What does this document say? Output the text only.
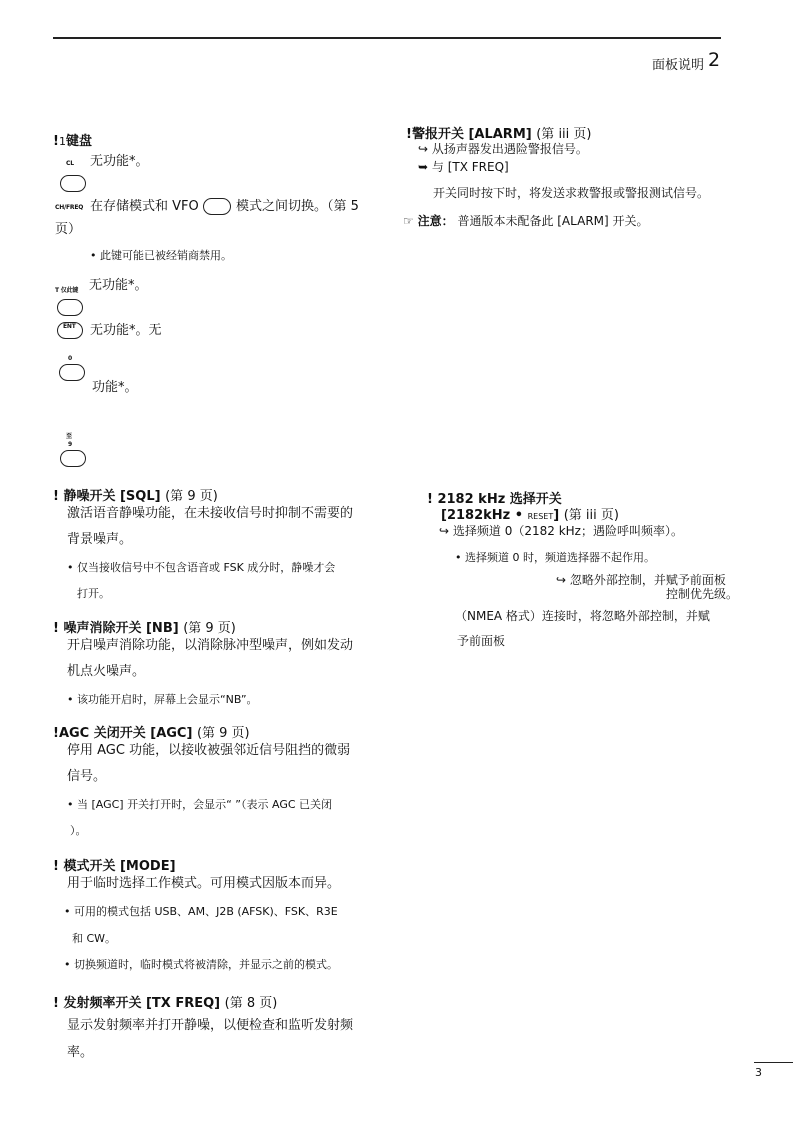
面板说明 2
!1键盘
CL 无功能*。
CH/FREQ 在存储模式和 VFO	模式之间切换。（第 5
页）
• 此键可能已被经销商禁用。
T 仅此键 无功能*。
ENT 无功能*。无
0
功能*。
至
9
! 静噪开关 [SQL] (第 9 页)
激活语音静噪功能，在未接收信号时抑制不需要的
背景噪声。
• 仅当接收信号中不包含语音或 FSK 成分时，静噪才会
打开。
! 噪声消除开关 [NB] (第 9 页)
开启噪声消除功能，以消除脉冲型噪声，例如发动
机点火噪声。
• 该功能开启时，屏幕上会显示“NB”。
!AGC 关闭开关 [AGC] (第 9 页)
停用 AGC 功能，以接收被强邻近信号阻挡的微弱
信号。
• 当 [AGC] 开关打开时，会显示“ ”（表示 AGC 已关闭
）。
! 模式开关 [MODE]
用于临时选择工作模式。可用模式因版本而异。
• 可用的模式包括 USB、AM、J2B (AFSK)、FSK、R3E
和 CW。
• 切换频道时，临时模式将被清除，并显示之前的模式。
! 发射频率开关 [TX FREQ] (第 8 页)
显示发射频率并打开静噪，以便检查和监听发射频
率。
!警报开关 [ALARM] (第 iii 页)
↪ 从扬声器发出遇险警报信号。
➥ 与 [TX FREQ]
开关同时按下时，将发送求救警报或警报测试信号。
☞ 注意： 普通版本未配备此 [ALARM] 开关。
! 2182 kHz 选择开关
[2182kHz • RESET] (第 iii 页)
↪ 选择频道 0（2182 kHz；遇险呼叫频率）。
• 选择频道 0 时，频道选择器不起作用。
↪ 忽略外部控制，并赋予前面板
控制优先级。
（NMEA 格式）连接时，将忽略外部控制，并赋
予前面板
3
